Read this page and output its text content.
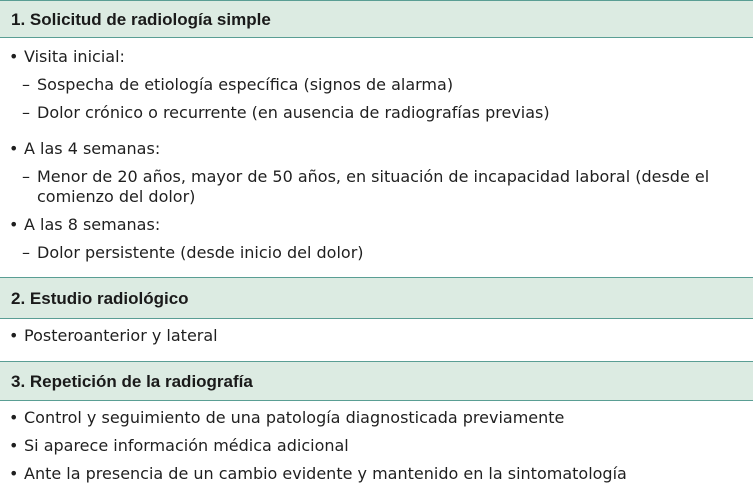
1. Solicitud de radiología simple
• Visita inicial:
– Sospecha de etiología específica (signos de alarma)
– Dolor crónico o recurrente (en ausencia de radiografías previas)
• A las 4 semanas:
– Menor de 20 años, mayor de 50 años, en situación de incapacidad laboral (desde el comienzo del dolor)
• A las 8 semanas:
– Dolor persistente (desde inicio del dolor)
2. Estudio radiológico
• Posteroanterior y lateral
3. Repetición de la radiografía
• Control y seguimiento de una patología diagnosticada previamente
• Si aparece información médica adicional
• Ante la presencia de un cambio evidente y mantenido en la sintomatología
